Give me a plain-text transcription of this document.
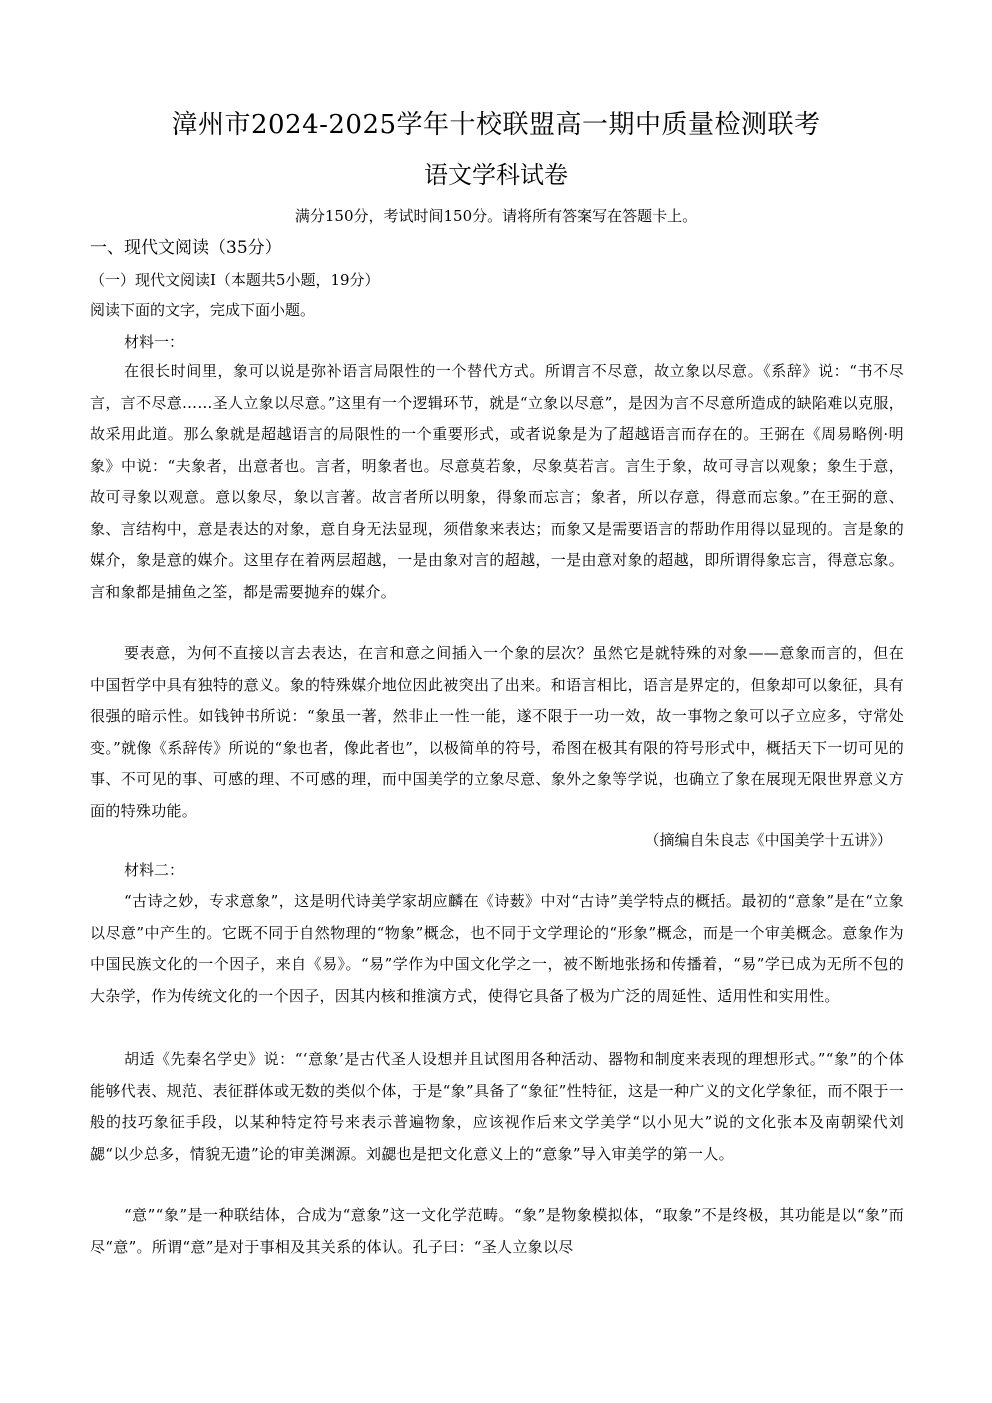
漳州市2024-2025学年十校联盟高一期中质量检测联考
语文学科试卷
满分150分，考试时间150分。请将所有答案写在答题卡上。
一、现代文阅读（35分）
（一）现代文阅读I（本题共5小题，19分）
阅读下面的文字，完成下面小题。
材料一：
在很长时间里，象可以说是弥补语言局限性的一个替代方式。所谓言不尽意，故立象以尽意。《系辞》说：“书不尽言，言不尽意……圣人立象以尽意。”这里有一个逻辑环节，就是“立象以尽意”，是因为言不尽意所造成的缺陷难以克服，故采用此道。那么象就是超越语言的局限性的一个重要形式，或者说象是为了超越语言而存在的。王弼在《周易略例·明象》中说：“夫象者，出意者也。言者，明象者也。尽意莫若象，尽象莫若言。言生于象，故可寻言以观象；象生于意，故可寻象以观意。意以象尽，象以言著。故言者所以明象，得象而忘言；象者，所以存意，得意而忘象。”在王弼的意、象、言结构中，意是表达的对象，意自身无法显现，须借象来表达；而象又是需要语言的帮助作用得以显现的。言是象的媒介，象是意的媒介。这里存在着两层超越，一是由象对言的超越，一是由意对象的超越，即所谓得象忘言，得意忘象。言和象都是捕鱼之筌，都是需要抛弃的媒介。
要表意，为何不直接以言去表达，在言和意之间插入一个象的层次？虽然它是就特殊的对象——意象而言的，但在中国哲学中具有独特的意义。象的特殊媒介地位因此被突出了出来。和语言相比，语言是界定的，但象却可以象征，具有很强的暗示性。如钱钟书所说：“象虽一著，然非止一性一能，遂不限于一功一效，故一事物之象可以孑立应多，守常处变。”就像《系辞传》所说的“象也者，像此者也”，以极简单的符号，希图在极其有限的符号形式中，概括天下一切可见的事、不可见的事、可感的理、不可感的理，而中国美学的立象尽意、象外之象等学说，也确立了象在展现无限世界意义方面的特殊功能。
（摘编自朱良志《中国美学十五讲》）
材料二：
“古诗之妙，专求意象”，这是明代诗美学家胡应麟在《诗薮》中对“古诗”美学特点的概括。最初的“意象”是在“立象以尽意”中产生的。它既不同于自然物理的“物象”概念，也不同于文学理论的“形象”概念，而是一个审美概念。意象作为中国民族文化的一个因子，来自《易》。“易”学作为中国文化学之一，被不断地张扬和传播着，“易”学已成为无所不包的大杂学，作为传统文化的一个因子，因其内核和推演方式，使得它具备了极为广泛的周延性、适用性和实用性。
胡适《先秦名学史》说：“‘意象’是古代圣人设想并且试图用各种活动、器物和制度来表现的理想形式。”“象”的个体能够代表、规范、表征群体或无数的类似个体，于是“象”具备了“象征”性特征，这是一种广义的文化学象征，而不限于一般的技巧象征手段，以某种特定符号来表示普遍物象，应该视作后来文学美学“以小见大”说的文化张本及南朝梁代刘勰“以少总多，情貌无遗”论的审美渊源。刘勰也是把文化意义上的“意象”导入审美学的第一人。
“意”“象”是一种联结体，合成为“意象”这一文化学范畴。“象”是物象模拟体，“取象”不是终极，其功能是以“象”而尽“意”。所谓“意”是对于事相及其关系的体认。孔子曰：“圣人立象以尽
